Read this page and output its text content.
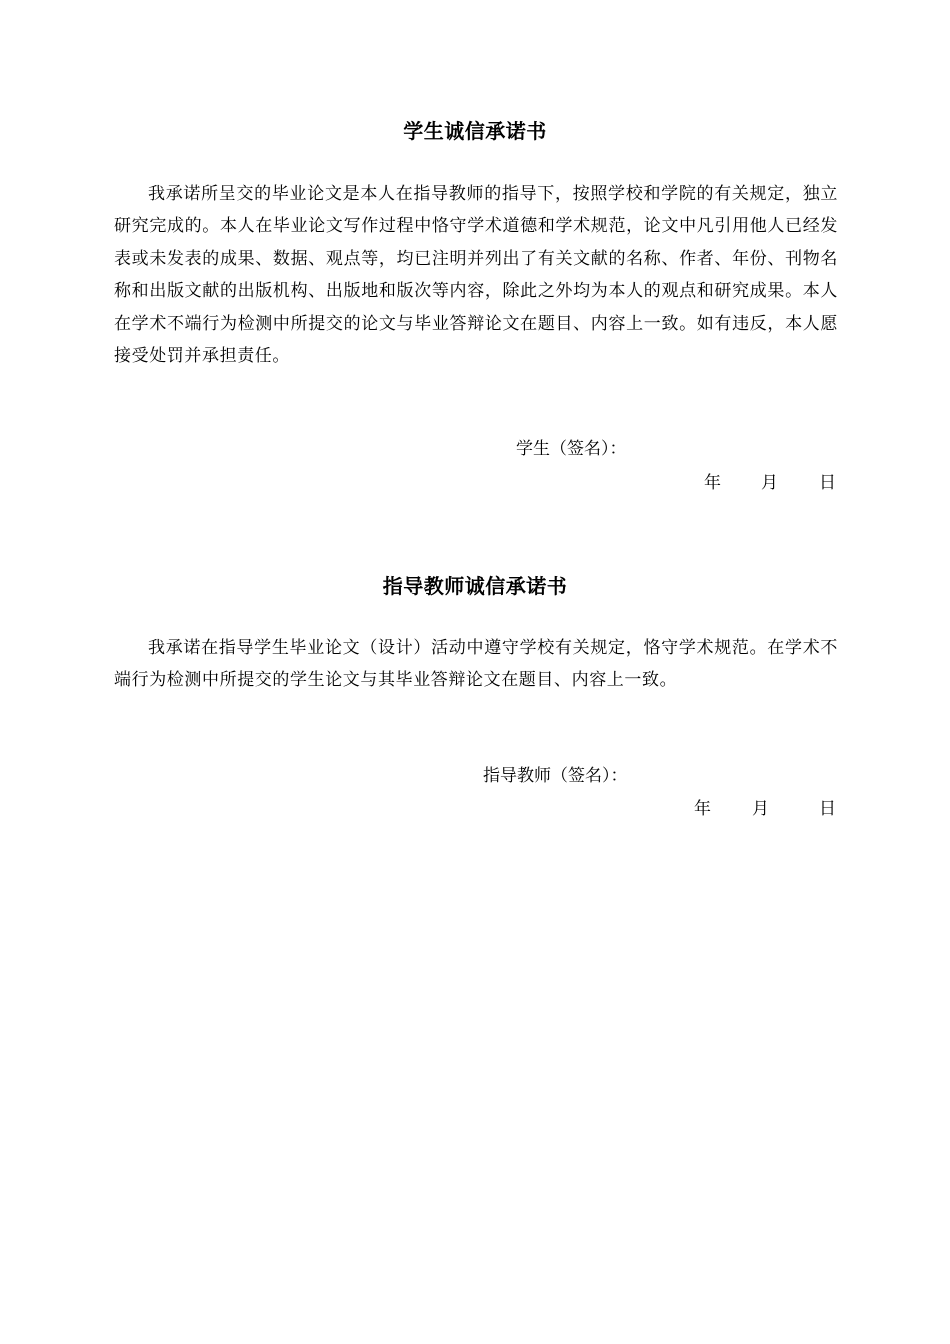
学生诚信承诺书

我承诺所呈交的毕业论文是本人在指导教师的指导下，按照学校和学院的有关规定，独立研究完成的。本人在毕业论文写作过程中恪守学术道德和学术规范，论文中凡引用他人已经发表或未发表的成果、数据、观点等，均已注明并列出了有关文献的名称、作者、年份、刊物名称和出版文献的出版机构、出版地和版次等内容，除此之外均为本人的观点和研究成果。本人在学术不端行为检测中所提交的论文与毕业答辩论文在题目、内容上一致。如有违反，本人愿接受处罚并承担责任。

学生（签名）：
年 月 日
指导教师诚信承诺书

我承诺在指导学生毕业论文（设计）活动中遵守学校有关规定，恪守学术规范。在学术不端行为检测中所提交的学生论文与其毕业答辩论文在题目、内容上一致。

指导教师（签名）：
年 月	日
